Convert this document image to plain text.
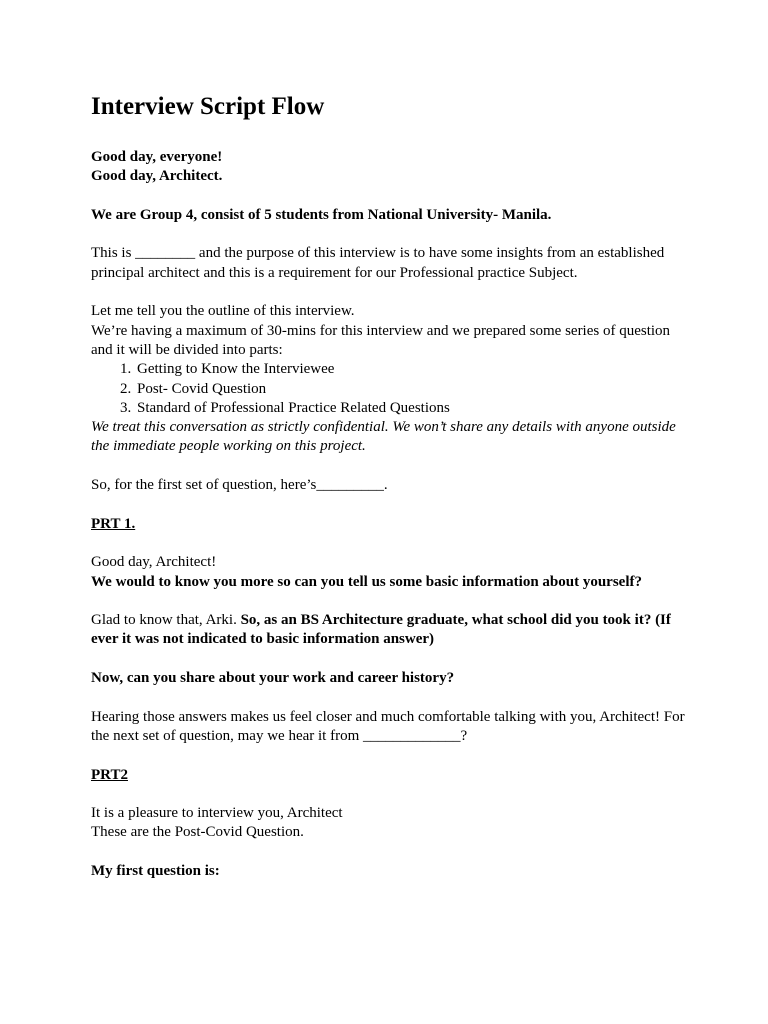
Interview Script Flow

Good day, everyone!

Good day, Architect.

We are Group 4, consist of 5 students from National University- Manila.

This is ________ and the purpose of this interview is to have some insights from an established principal architect and this is a requirement for our Professional practice Subject.

Let me tell you the outline of this interview.

We’re having a maximum of 30-mins for this interview and we prepared some series of question and it will be divided into parts:

1. Getting to Know the Interviewee
2. Post- Covid Question
3. Standard of Professional Practice Related Questions

We treat this conversation as strictly confidential. We won’t share any details with anyone outside the immediate people working on this project.

So, for the first set of question, here’s_________.

PRT 1.

Good day, Architect!

We would to know you more so can you tell us some basic information about yourself?

Glad to know that, Arki. So, as an BS Architecture graduate, what school did you took it? (If ever it was not indicated to basic information answer)

Now, can you share about your work and career history?

Hearing those answers makes us feel closer and much comfortable talking with you, Architect! For the next set of question, may we hear it from _____________?

PRT2

It is a pleasure to interview you, Architect

These are the Post-Covid Question.

My first question is:
